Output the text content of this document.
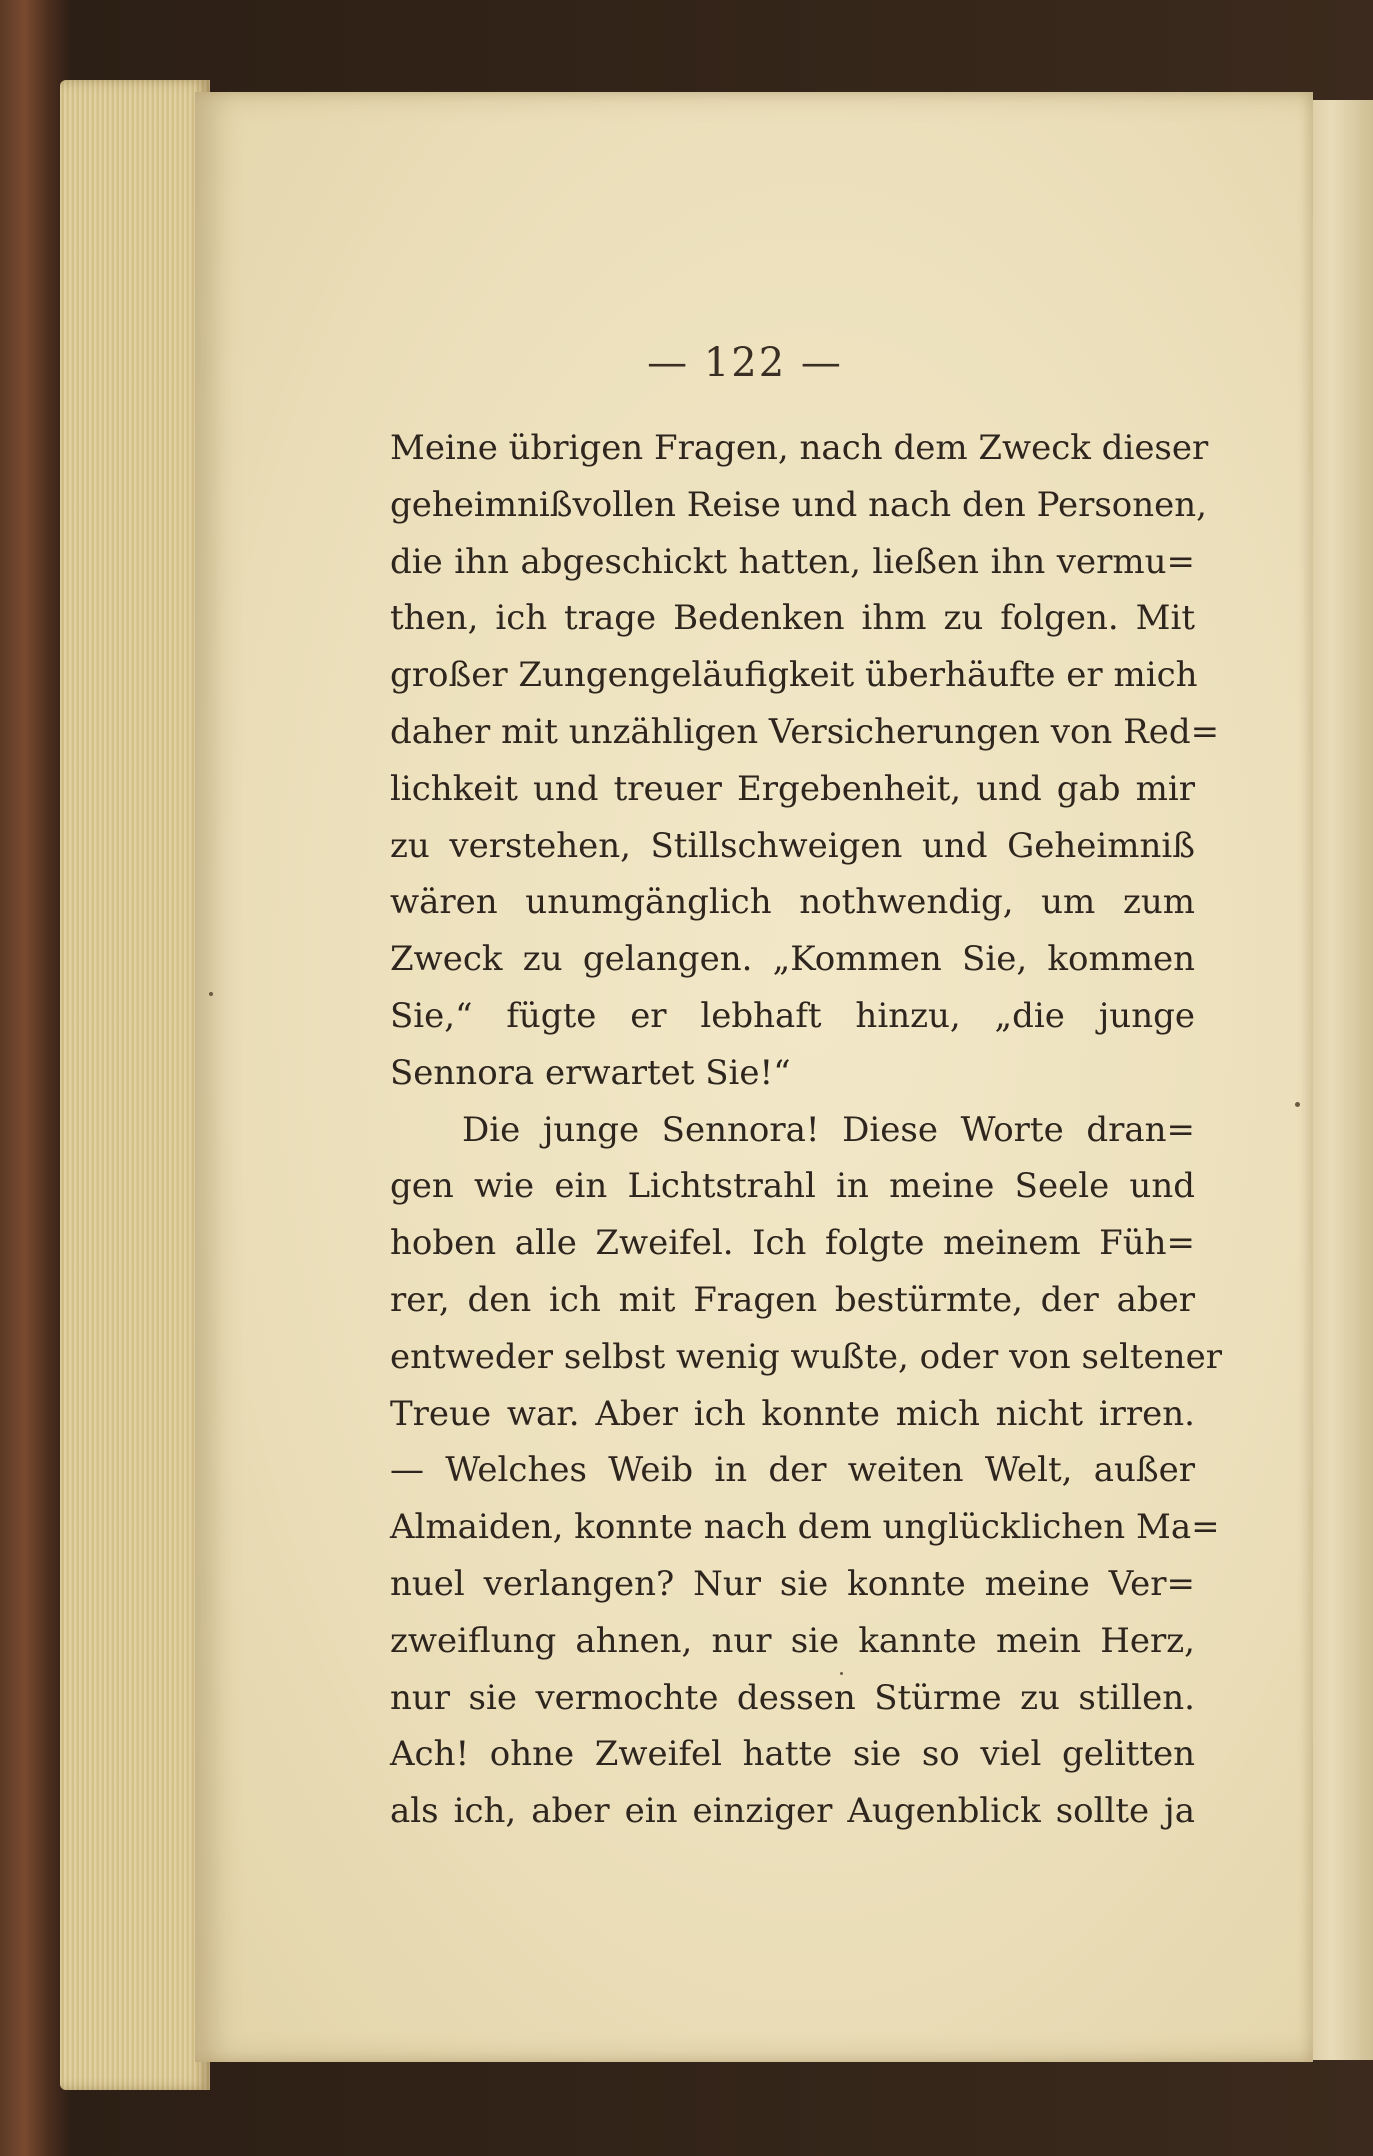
— 122 —
Meine übrigen Fragen, nach dem Zweck dieser
geheimnißvollen Reise und nach den Personen,
die ihn abgeschickt hatten, ließen ihn vermu=
then, ich trage Bedenken ihm zu folgen. Mit
großer Zungengeläufigkeit überhäufte er mich
daher mit unzähligen Versicherungen von Red=
lichkeit und treuer Ergebenheit, und gab mir
zu verstehen, Stillschweigen und Geheimniß
wären unumgänglich nothwendig, um zum
Zweck zu gelangen. „Kommen Sie, kommen
Sie,“ fügte er lebhaft hinzu, „die junge
Sennora erwartet Sie!“
Die junge Sennora! Diese Worte dran=
gen wie ein Lichtstrahl in meine Seele und
hoben alle Zweifel. Ich folgte meinem Füh=
rer, den ich mit Fragen bestürmte, der aber
entweder selbst wenig wußte, oder von seltener
Treue war. Aber ich konnte mich nicht irren.
— Welches Weib in der weiten Welt, außer
Almaiden, konnte nach dem unglücklichen Ma=
nuel verlangen? Nur sie konnte meine Ver=
zweiflung ahnen, nur sie kannte mein Herz,
nur sie vermochte dessen Stürme zu stillen.
Ach! ohne Zweifel hatte sie so viel gelitten
als ich, aber ein einziger Augenblick sollte ja
